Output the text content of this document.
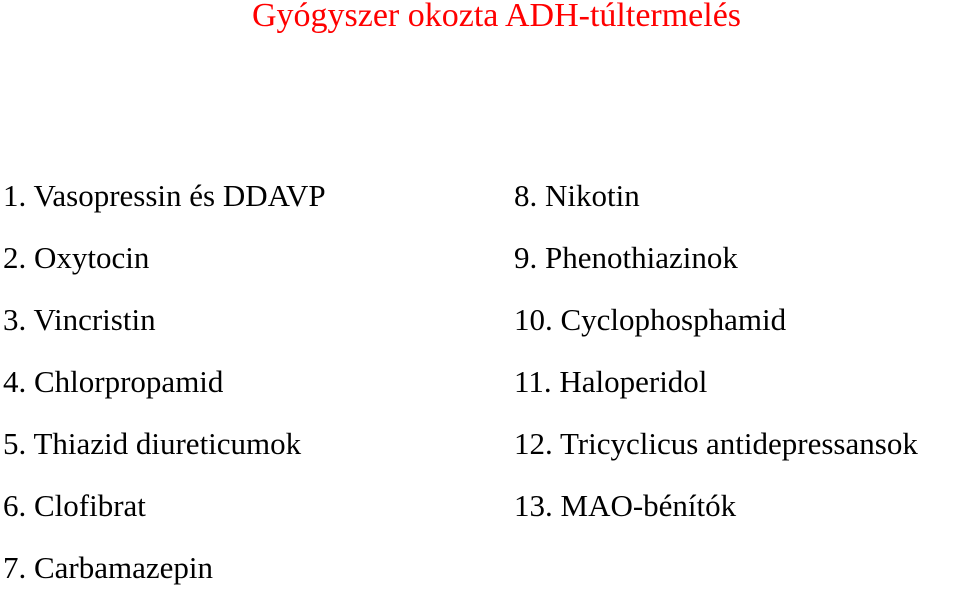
Gyógyszer okozta ADH-túltermelés
1. Vasopressin és DDAVP
2. Oxytocin
3. Vincristin
4. Chlorpropamid
5. Thiazid diureticumok
6. Clofibrat
7. Carbamazepin
8. Nikotin
9. Phenothiazinok
10. Cyclophosphamid
11. Haloperidol
12. Tricyclicus antidepressansok
13. MAO-bénítók
